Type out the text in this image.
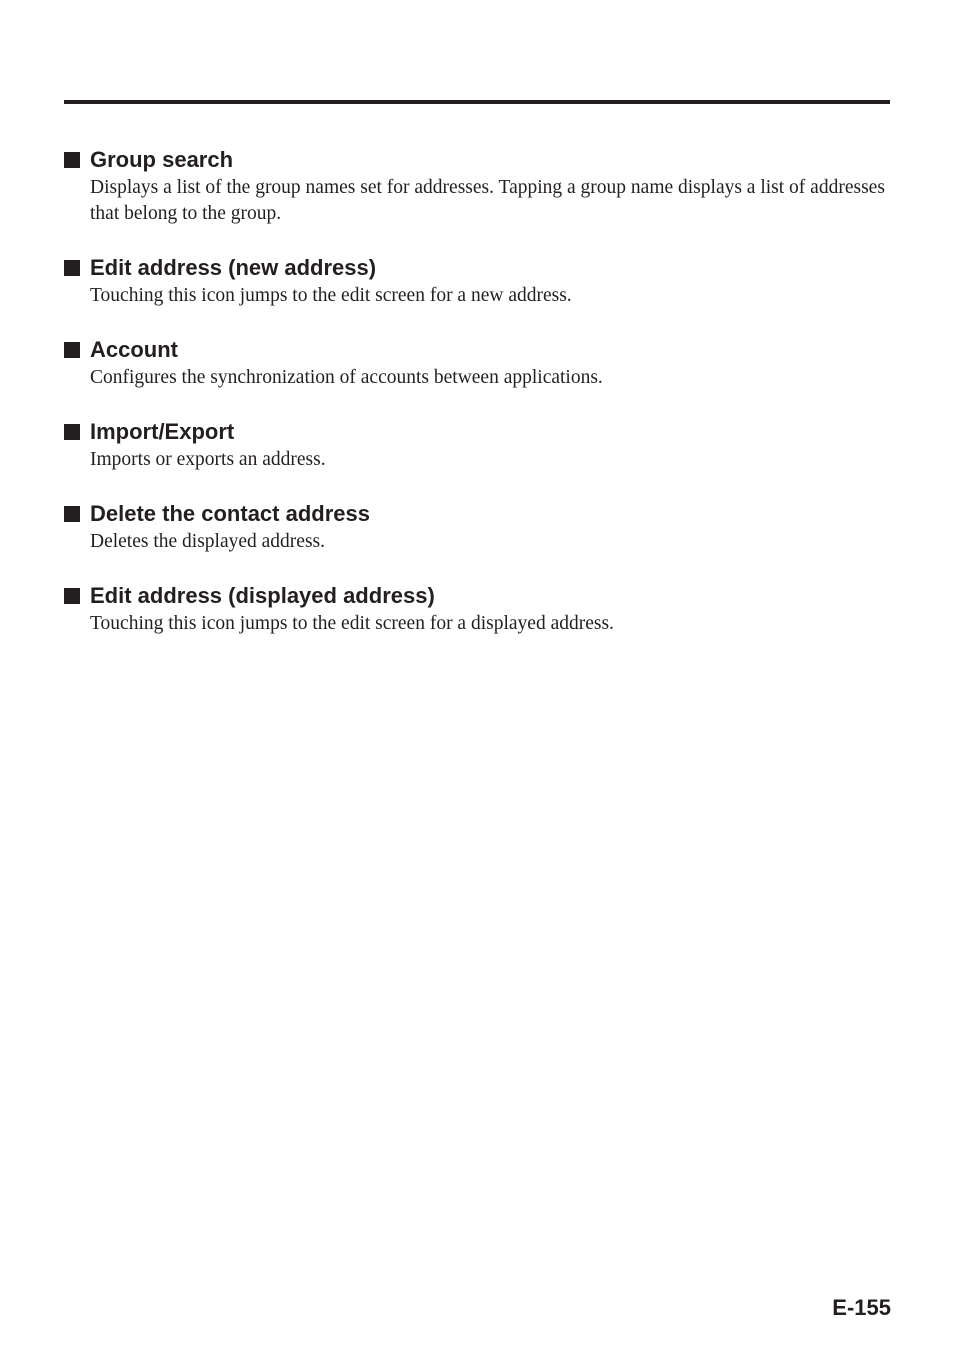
Group search
Displays a list of the group names set for addresses. Tapping a group name displays a list of addresses that belong to the group.
Edit address (new address)
Touching this icon jumps to the edit screen for a new address.
Account
Configures the synchronization of accounts between applications.
Import/Export
Imports or exports an address.
Delete the contact address
Deletes the displayed address.
Edit address (displayed address)
Touching this icon jumps to the edit screen for a displayed address.
E-155
